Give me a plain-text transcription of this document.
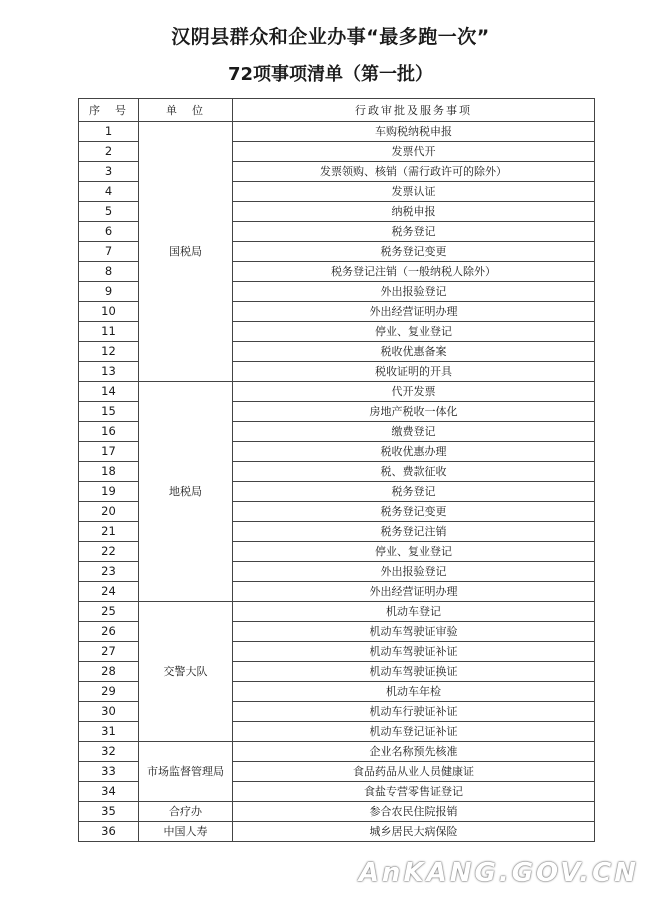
汉阴县群众和企业办事“最多跑一次”
72项事项清单（第一批）
序　号	单　位	行政审批及服务事项
1	国税局	车购税纳税申报
2		发票代开
3		发票领购、核销（需行政许可的除外）
4		发票认证
5		纳税申报
6		税务登记
7		税务登记变更
8		税务登记注销（一般纳税人除外）
9		外出报验登记
10		外出经营证明办理
11		停业、复业登记
12		税收优惠备案
13		税收证明的开具
14	地税局	代开发票
15		房地产税收一体化
16		缴费登记
17		税收优惠办理
18		税、费款征收
19		税务登记
20		税务登记变更
21		税务登记注销
22		停业、复业登记
23		外出报验登记
24		外出经营证明办理
25	交警大队	机动车登记
26		机动车驾驶证审验
27		机动车驾驶证补证
28		机动车驾驶证换证
29		机动车年检
30		机动车行驶证补证
31		机动车登记证补证
32	市场监督管理局	企业名称预先核准
33		食品药品从业人员健康证
34		食盐专营零售证登记
35	合疗办	参合农民住院报销
36	中国人寿	城乡居民大病保险
AnKANG.GOV.CN
